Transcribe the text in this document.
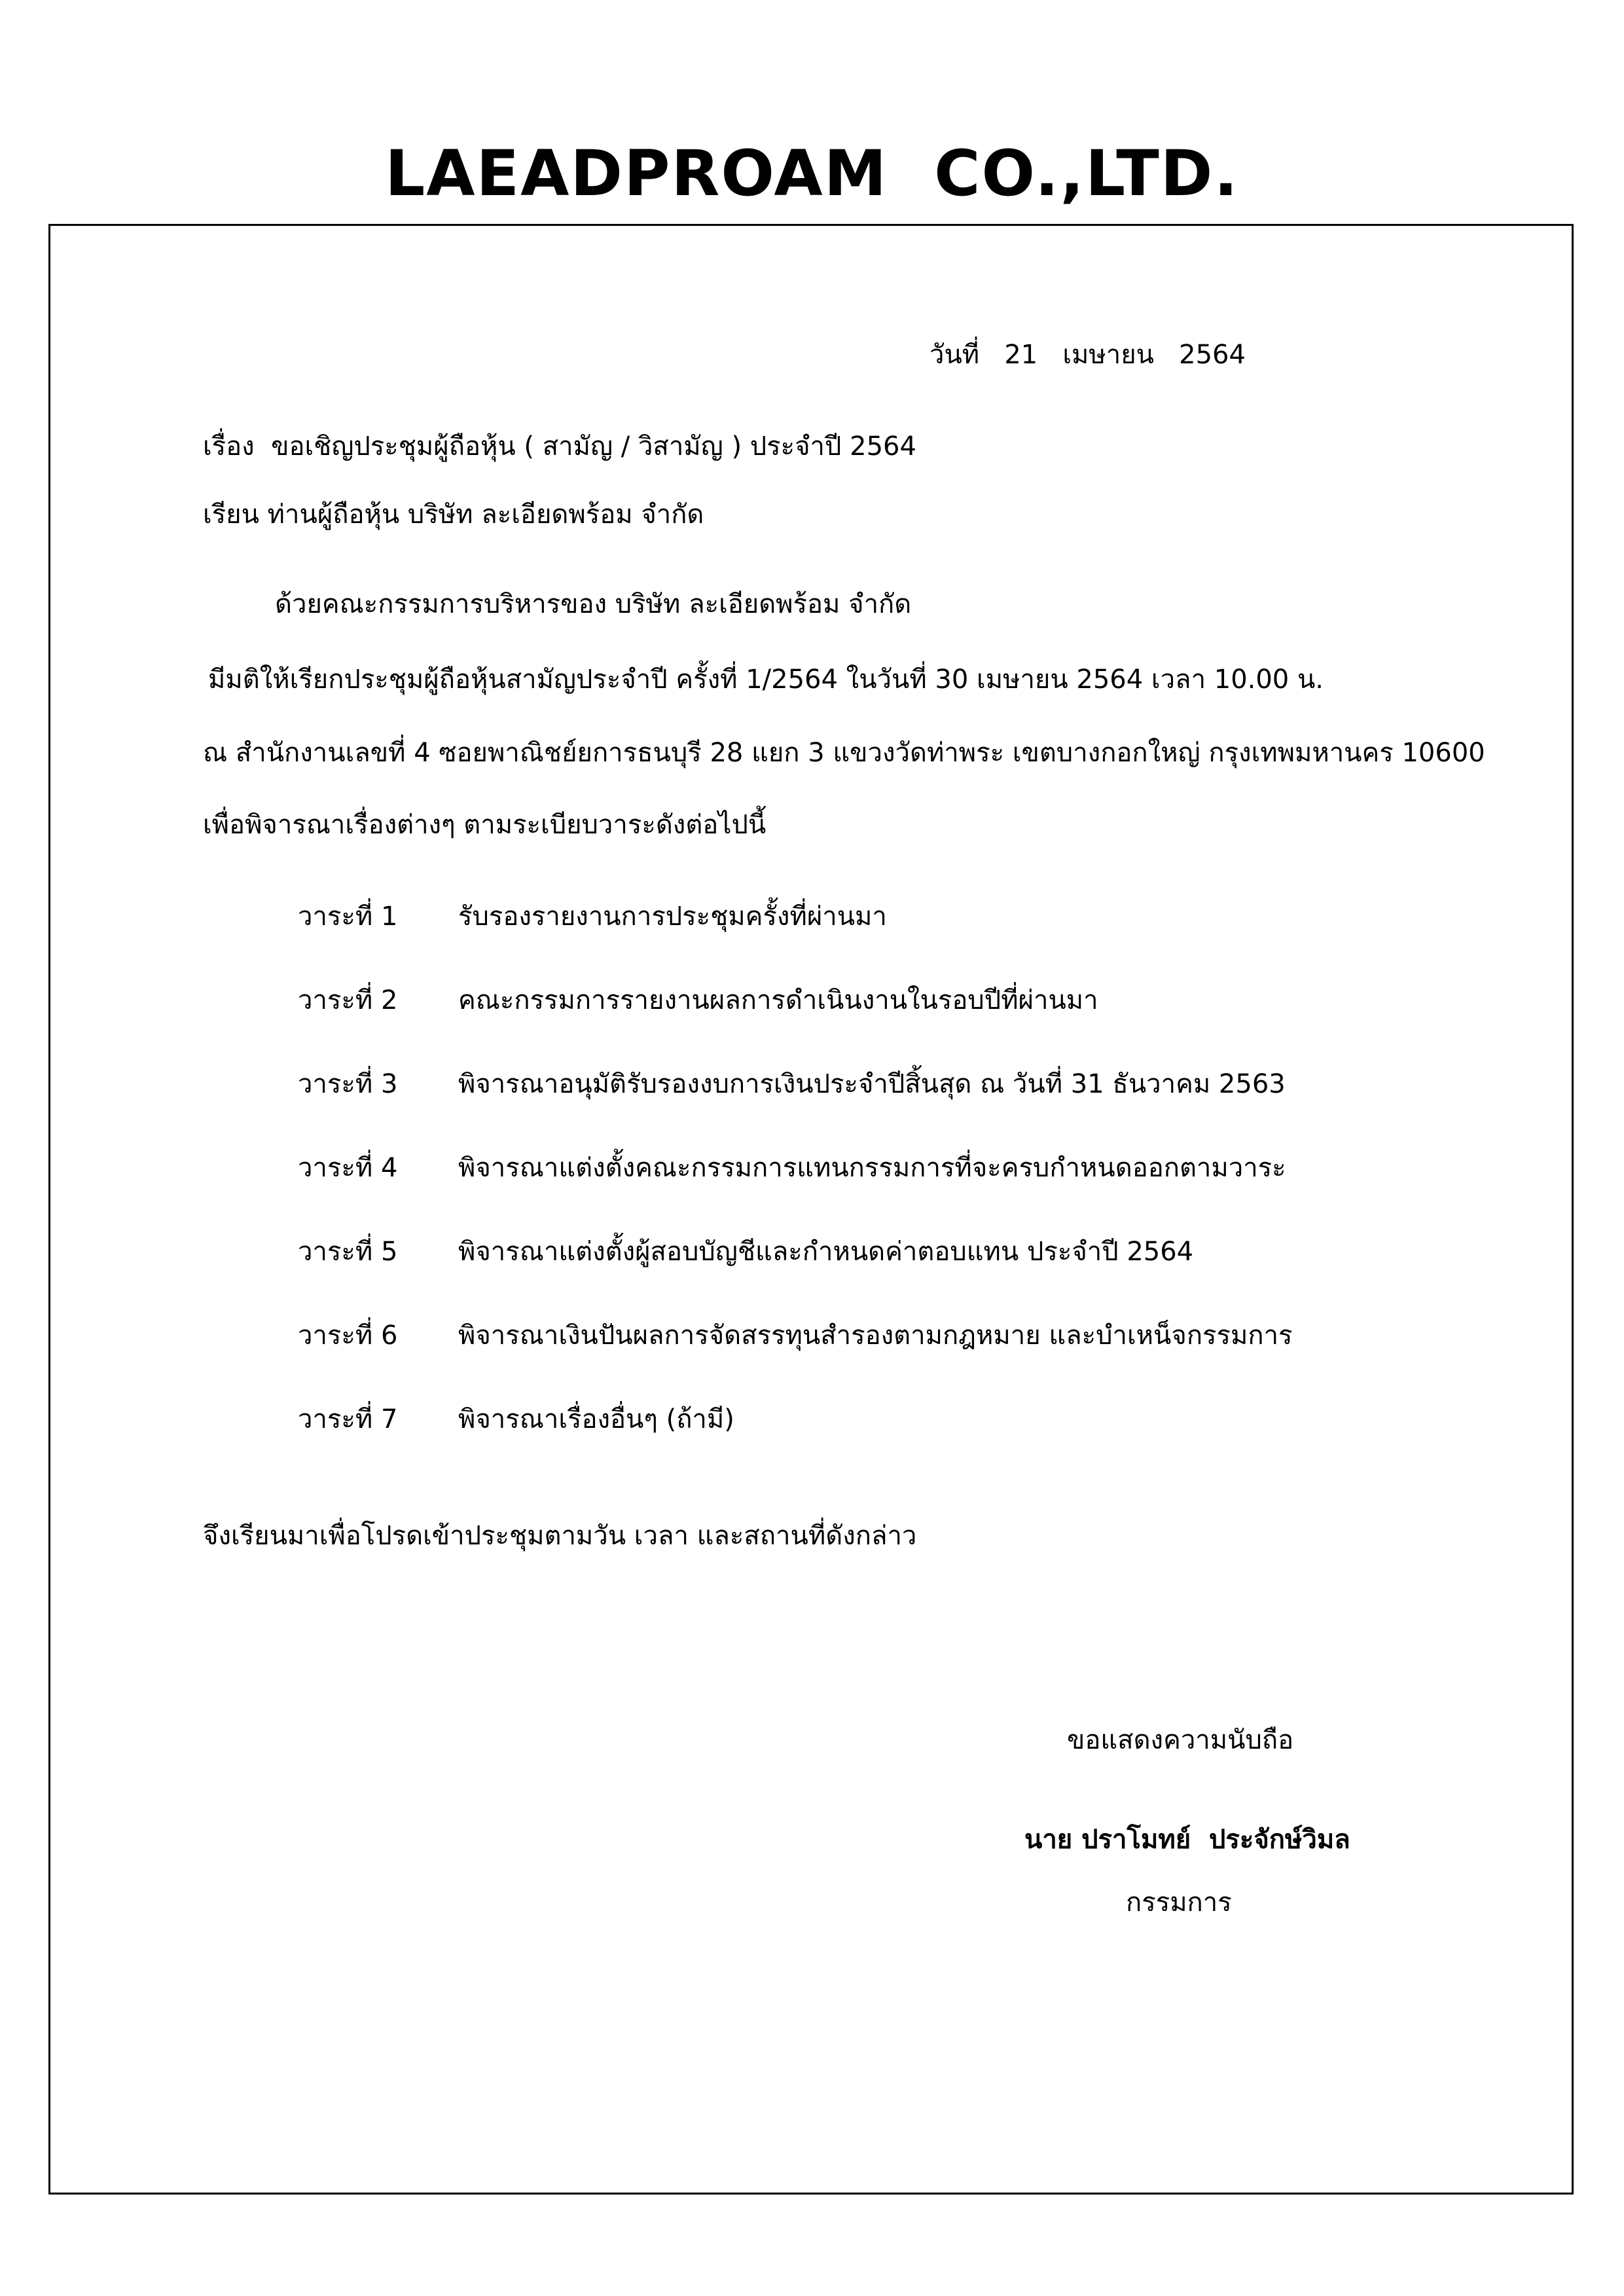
LAEADPROAM  CO.,LTD.
วันที่   21   เมษายน   2564
เรื่อง  ขอเชิญประชุมผู้ถือหุ้น ( สามัญ / วิสามัญ ) ประจำปี 2564
เรียน ท่านผู้ถือหุ้น บริษัท ละเอียดพร้อม จำกัด
ด้วยคณะกรรมการบริหารของ บริษัท ละเอียดพร้อม จำกัด
มีมติให้เรียกประชุมผู้ถือหุ้นสามัญประจำปี ครั้งที่ 1/2564 ในวันที่ 30 เมษายน 2564 เวลา 10.00 น.
ณ สำนักงานเลขที่ 4 ซอยพาณิชย์ยการธนบุรี 28 แยก 3 แขวงวัดท่าพระ เขตบางกอกใหญ่ กรุงเทพมหานคร 10600
เพื่อพิจารณาเรื่องต่างๆ ตามระเบียบวาระดังต่อไปนี้
วาระที่ 1 รับรองรายงานการประชุมครั้งที่ผ่านมา
วาระที่ 2 คณะกรรมการรายงานผลการดำเนินงานในรอบปีที่ผ่านมา
วาระที่ 3 พิจารณาอนุมัติรับรองงบการเงินประจำปีสิ้นสุด ณ วันที่ 31 ธันวาคม 2563
วาระที่ 4 พิจารณาแต่งตั้งคณะกรรมการแทนกรรมการที่จะครบกำหนดออกตามวาระ
วาระที่ 5 พิจารณาแต่งตั้งผู้สอบบัญชีและกำหนดค่าตอบแทน ประจำปี 2564
วาระที่ 6 พิจารณาเงินปันผลการจัดสรรทุนสำรองตามกฎหมาย และบำเหน็จกรรมการ
วาระที่ 7 พิจารณาเรื่องอื่นๆ (ถ้ามี)
จึงเรียนมาเพื่อโปรดเข้าประชุมตามวัน เวลา และสถานที่ดังกล่าว
ขอแสดงความนับถือ
นาย ปราโมทย์  ประจักษ์วิมล
กรรมการ
